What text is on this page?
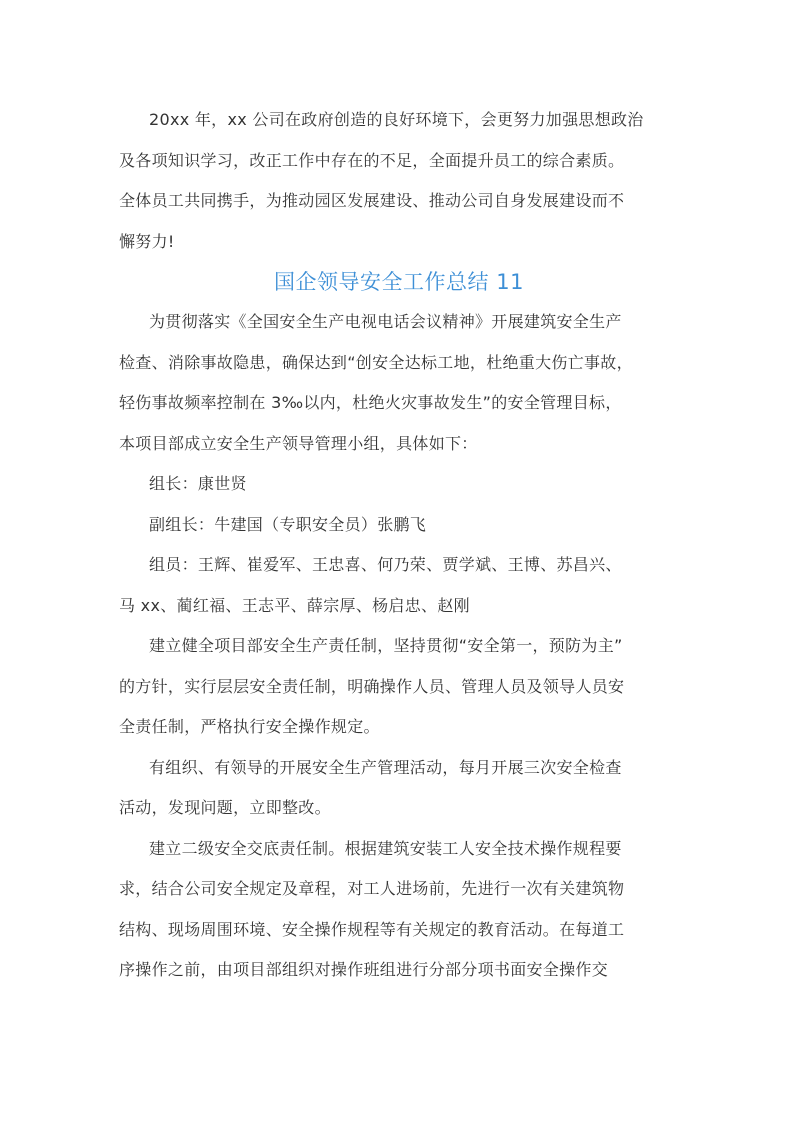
20xx 年，xx 公司在政府创造的良好环境下，会更努力加强思想政治
及各项知识学习，改正工作中存在的不足，全面提升员工的综合素质。
全体员工共同携手，为推动园区发展建设、推动公司自身发展建设而不
懈努力!

国企领导安全工作总结 11

为贯彻落实《全国安全生产电视电话会议精神》开展建筑安全生产
检查、消除事故隐患，确保达到“创安全达标工地，杜绝重大伤亡事故，
轻伤事故频率控制在 3‰以内，杜绝火灾事故发生”的安全管理目标，
本项目部成立安全生产领导管理小组，具体如下：

组长：康世贤

副组长：牛建国（专职安全员）张鹏飞

组员：王辉、崔爱军、王忠喜、何乃荣、贾学斌、王博、苏昌兴、
马 xx、蔺红福、王志平、薛宗厚、杨启忠、赵刚

建立健全项目部安全生产责任制，坚持贯彻“安全第一，预防为主”
的方针，实行层层安全责任制，明确操作人员、管理人员及领导人员安
全责任制，严格执行安全操作规定。

有组织、有领导的开展安全生产管理活动，每月开展三次安全检查
活动，发现问题，立即整改。

建立二级安全交底责任制。根据建筑安装工人安全技术操作规程要
求，结合公司安全规定及章程，对工人进场前，先进行一次有关建筑物
结构、现场周围环境、安全操作规程等有关规定的教育活动。在每道工
序操作之前，由项目部组织对操作班组进行分部分项书面安全操作交
